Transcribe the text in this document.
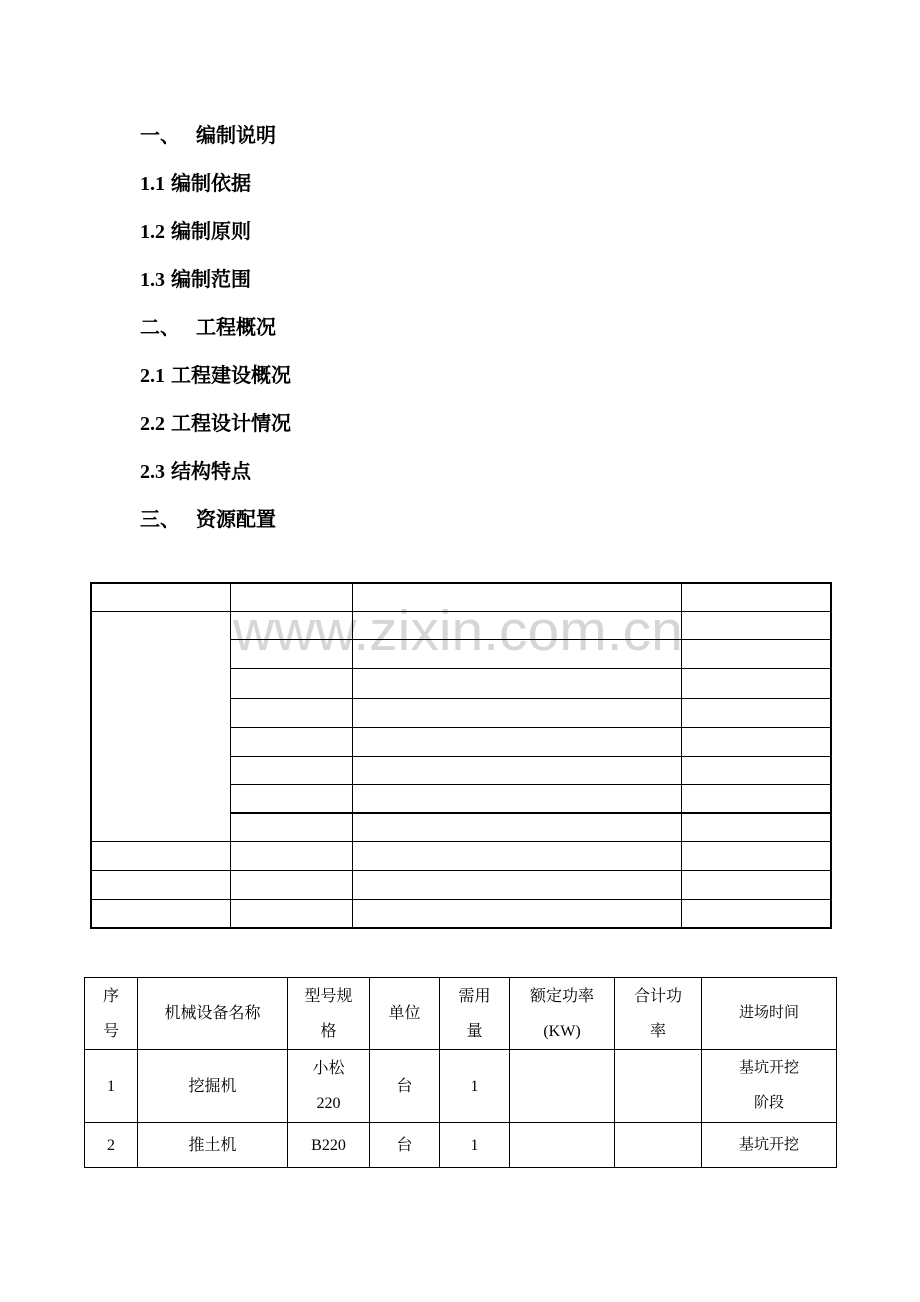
一、 编制说明
1.1 编制依据
1.2 编制原则
1.3 编制范围
二、 工程概况
2.1 工程建设概况
2.2 工程设计情况
2.3 结构特点
三、 资源配置

www.zixin.com.cn
序号	机械设备名称	型号规格	单位	需用量	额定功率(KW)	合计功率	进场时间
1	挖掘机	小松220	台	1			基坑开挖阶段
2	推土机	B220	台	1			基坑开挖
